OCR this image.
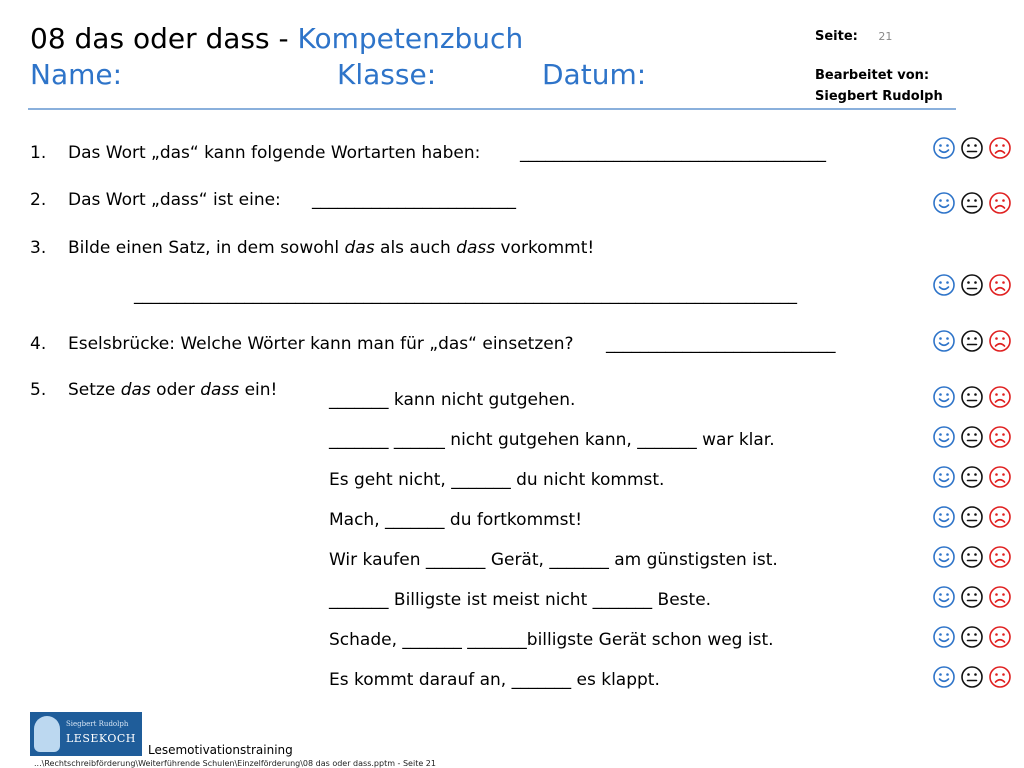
08 das oder dass - Kompetenzbuch
Name:	Klasse:	Datum:
Seite: 21
Bearbeitet von:
Siegbert Rudolph
1. Das Wort „das“ kann folgende Wortarten haben: ____________________________________
2. Das Wort „dass“ ist eine: ________________________
3. Bilde einen Satz, in dem sowohl das als auch dass vorkommt!
______________________________________________________________________________
4. Eselsbrücke: Welche Wörter kann man für „das“ einsetzen? ___________________________
5. Setze das oder dass ein!	_______ kann nicht gutgehen.
_______ ______ nicht gutgehen kann, _______ war klar.
Es geht nicht, _______ du nicht kommst.
Mach, _______ du fortkommst!
Wir kaufen _______ Gerät, _______ am günstigsten ist.
_______ Billigste ist meist nicht _______ Beste.
Schade, _______ _______billigste Gerät schon weg ist.
Es kommt darauf an, _______ es klappt.
Siegbert Rudolph
LESEKOCH
Lesemotivationstraining
...\Rechtschreibförderung\Weiterführende Schulen\Einzelförderung\08 das oder dass.pptm - Seite 21
